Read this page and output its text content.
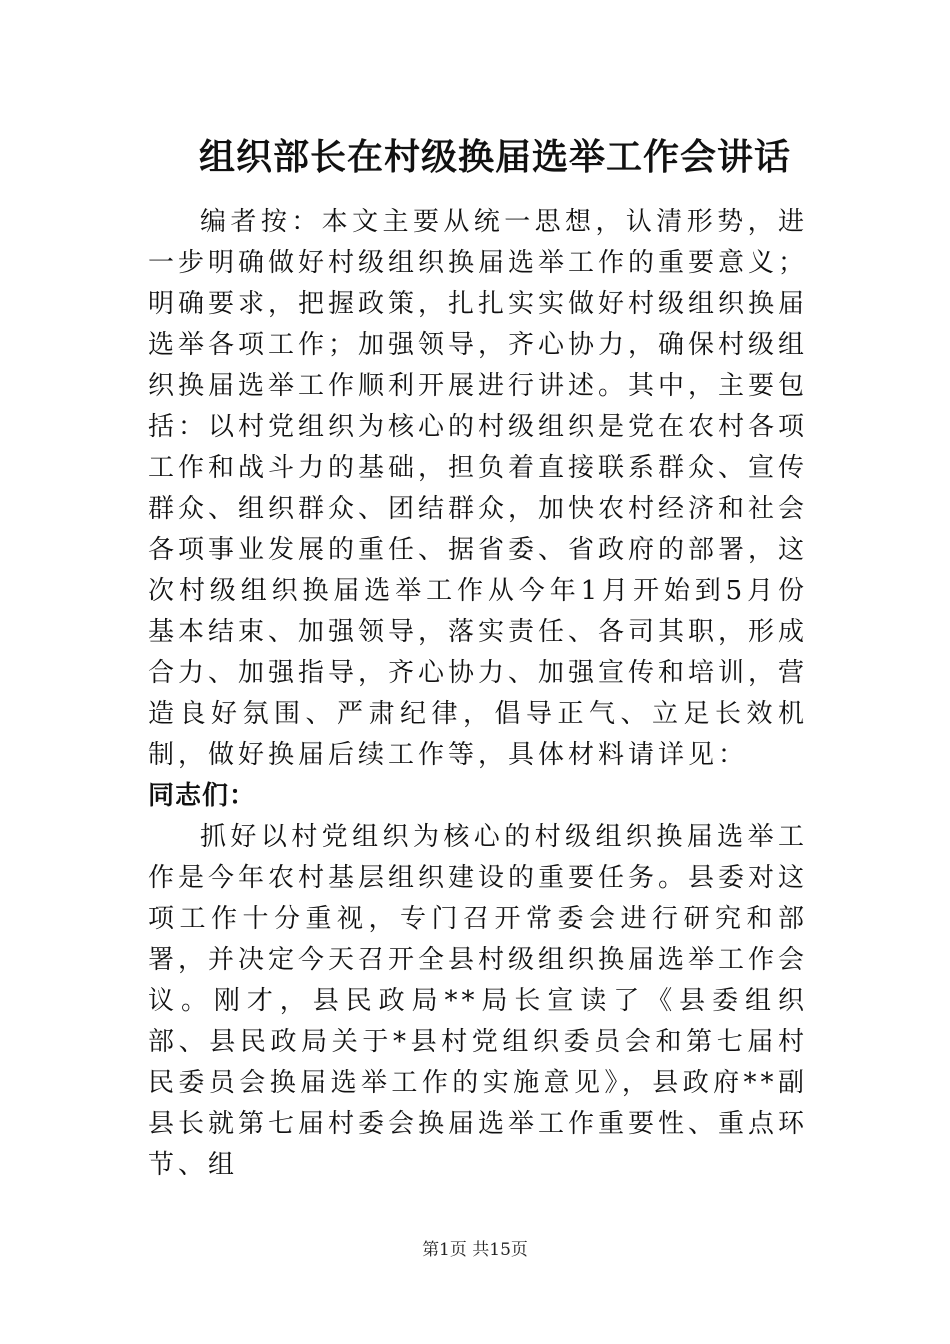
组织部长在村级换届选举工作会讲话

编者按：本文主要从统一思想，认清形势，进一步明确做好村级组织换届选举工作的重要意义；明确要求，把握政策，扎扎实实做好村级组织换届选举各项工作；加强领导，齐心协力，确保村级组织换届选举工作顺利开展进行讲述。其中，主要包括：以村党组织为核心的村级组织是党在农村各项工作和战斗力的基础，担负着直接联系群众、宣传群众、组织群众、团结群众，加快农村经济和社会各项事业发展的重任、据省委、省政府的部署，这次村级组织换届选举工作从今年1月开始到5月份基本结束、加强领导，落实责任、各司其职，形成合力、加强指导，齐心协力、加强宣传和培训，营造良好氛围、严肃纪律，倡导正气、立足长效机制，做好换届后续工作等，具体材料请详见：

同志们：

抓好以村党组织为核心的村级组织换届选举工作是今年农村基层组织建设的重要任务。县委对这项工作十分重视，专门召开常委会进行研究和部署，并决定今天召开全县村级组织换届选举工作会议。刚才，县民政局**局长宣读了《县委组织部、县民政局关于*县村党组织委员会和第七届村民委员会换届选举工作的实施意见》，县政府**副县长就第七届村委会换届选举工作重要性、重点环节、组

第1页 共15页
